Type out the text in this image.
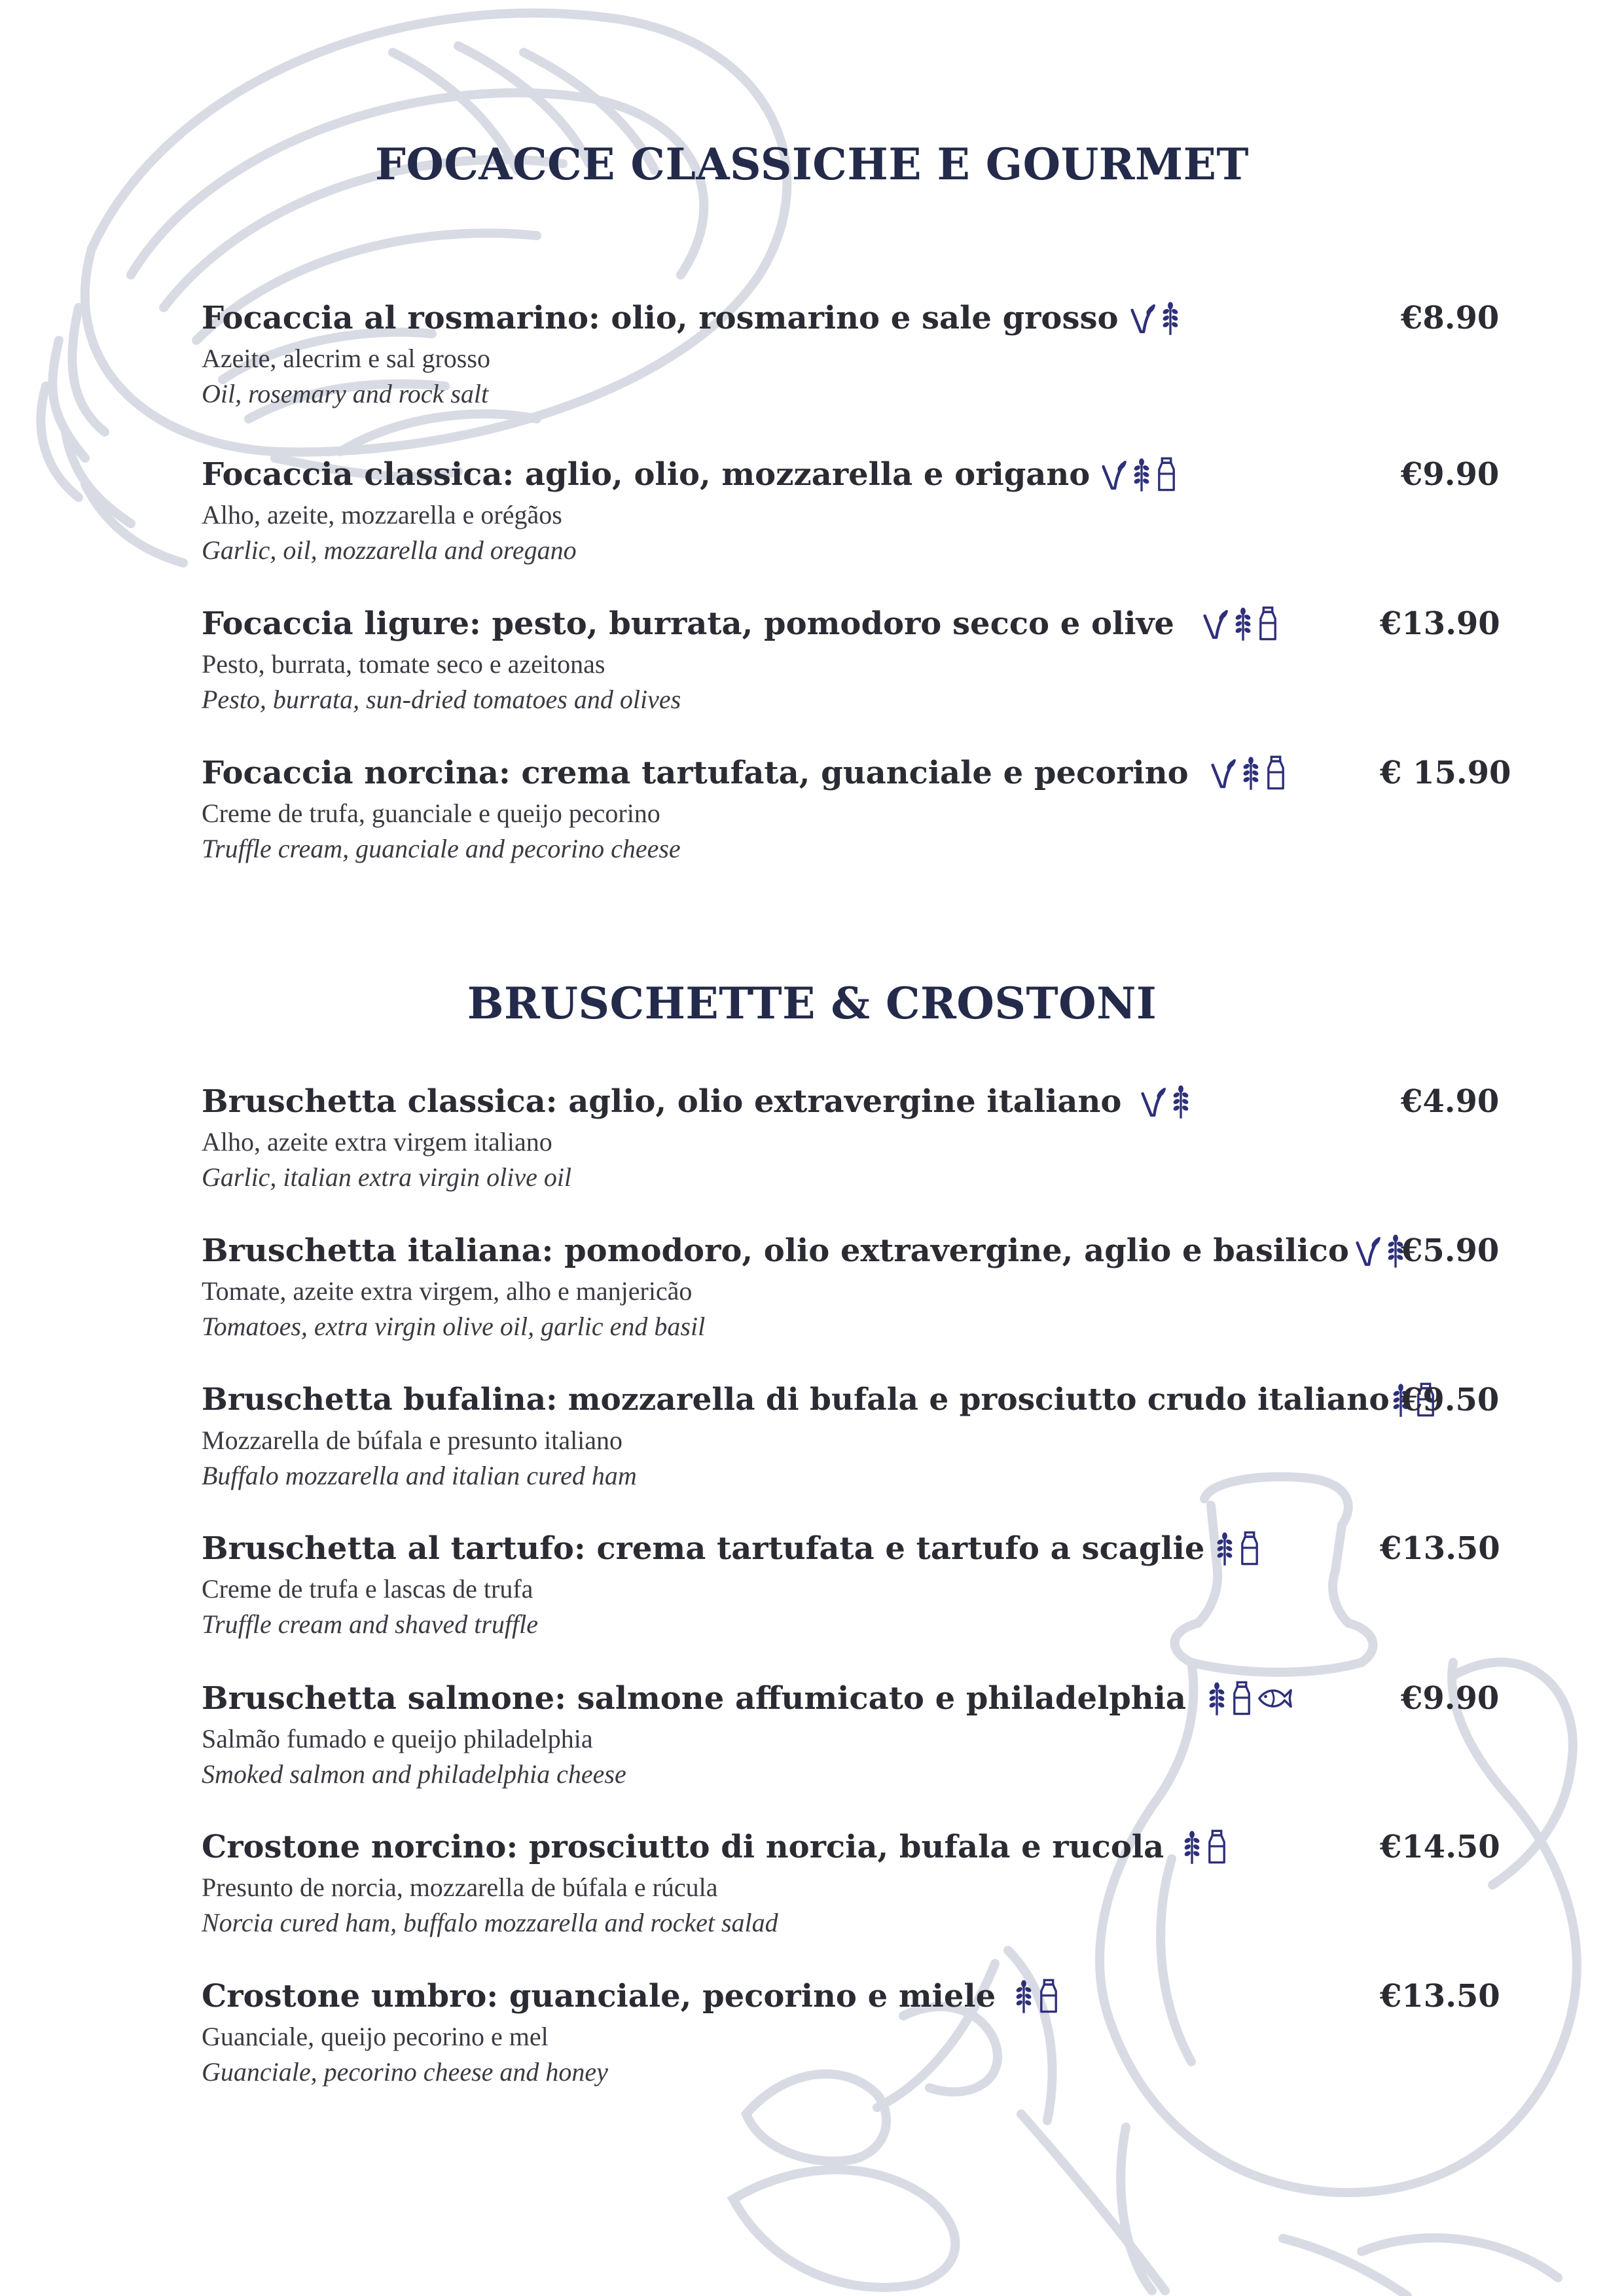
FOCACCE CLASSICHE E GOURMET
Focaccia al rosmarino: olio, rosmarino e sale grosso	€8.90
Azeite, alecrim e sal grosso
Oil, rosemary and rock salt
Focaccia classica: aglio, olio, mozzarella e origano	€9.90
Alho, azeite, mozzarella e orégãos
Garlic, oil, mozzarella and oregano
Focaccia ligure: pesto, burrata, pomodoro secco e olive	€13.90
Pesto, burrata, tomate seco e azeitonas
Pesto, burrata, sun-dried tomatoes and olives
Focaccia norcina: crema tartufata, guanciale e pecorino	€ 15.90
Creme de trufa, guanciale e queijo pecorino
Truffle cream, guanciale and pecorino cheese
BRUSCHETTE & CROSTONI
Bruschetta classica: aglio, olio extravergine italiano	€4.90
Alho, azeite extra virgem italiano
Garlic, italian extra virgin olive oil
Bruschetta italiana: pomodoro, olio extravergine, aglio e basilico €5.90
Tomate, azeite extra virgem, alho e manjericão
Tomatoes, extra virgin olive oil, garlic end basil
Bruschetta bufalina: mozzarella di bufala e prosciutto crudo italiano €9.50
Mozzarella de búfala e presunto italiano
Buffalo mozzarella and italian cured ham
Bruschetta al tartufo: crema tartufata e tartufo a scaglie	€13.50
Creme de trufa e lascas de trufa
Truffle cream and shaved truffle
Bruschetta salmone: salmone affumicato e philadelphia	€9.90
Salmão fumado e queijo philadelphia
Smoked salmon and philadelphia cheese
Crostone norcino: prosciutto di norcia, bufala e rucola	€14.50
Presunto de norcia, mozzarella de búfala e rúcula
Norcia cured ham, buffalo mozzarella and rocket salad
Crostone umbro: guanciale, pecorino e miele	€13.50
Guanciale, queijo pecorino e mel
Guanciale, pecorino cheese and honey
